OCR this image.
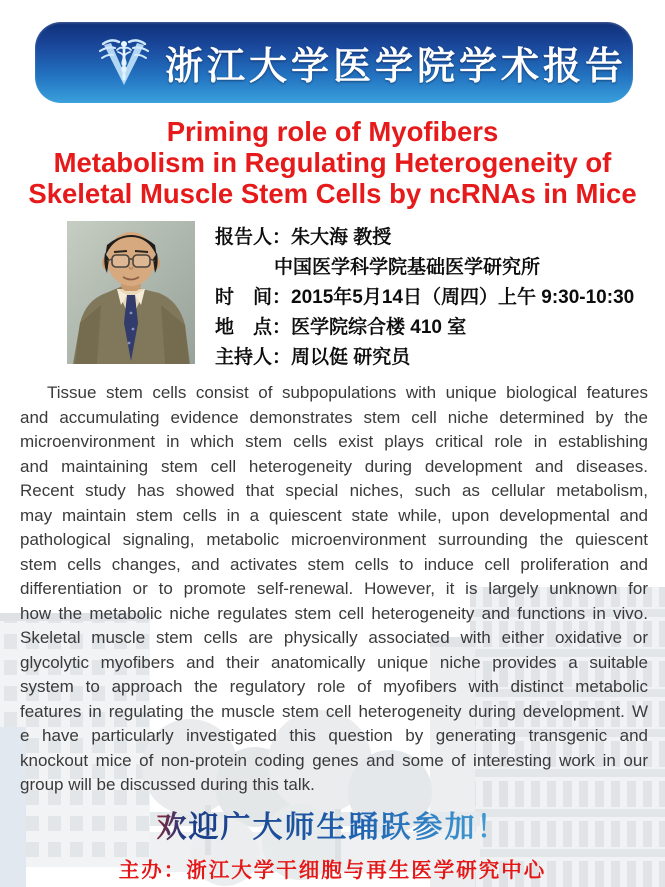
浙江大学医学院学术报告
Priming role of Myofibers
Metabolism in Regulating Heterogeneity of
Skeletal Muscle Stem Cells by ncRNAs in Mice
报告人：朱大海 教授
中国医学科学院基础医学研究所
时　间：2015年5月14日（周四）上午 9:30-10:30
地　点：医学院综合楼 410 室
主持人：周以侹 研究员
Tissue stem cells consist of subpopulations with unique biological features
and accumulating evidence demonstrates stem cell niche determined by the
microenvironment in which stem cells exist plays critical role in establishing
and maintaining stem cell heterogeneity during development and diseases.
Recent study has showed that special niches, such as cellular metabolism,
may maintain stem cells in a quiescent state while, upon developmental and
pathological signaling, metabolic microenvironment surrounding the quiescent
stem cells changes, and activates stem cells to induce cell proliferation and
differentiation or to promote self-renewal. However, it is largely unknown for
how the metabolic niche regulates stem cell heterogeneity and functions in vivo.
Skeletal muscle stem cells are physically associated with either oxidative or
glycolytic myofibers and their anatomically unique niche provides a suitable
system to approach the regulatory role of myofibers with distinct metabolic
features in regulating the muscle stem cell heterogeneity during development. W
e have particularly investigated this question by generating transgenic and
knockout mice of non-protein coding genes and some of interesting work in our
group will be discussed during this talk.
欢迎广大师生踊跃参加！
主办：浙江大学干细胞与再生医学研究中心
